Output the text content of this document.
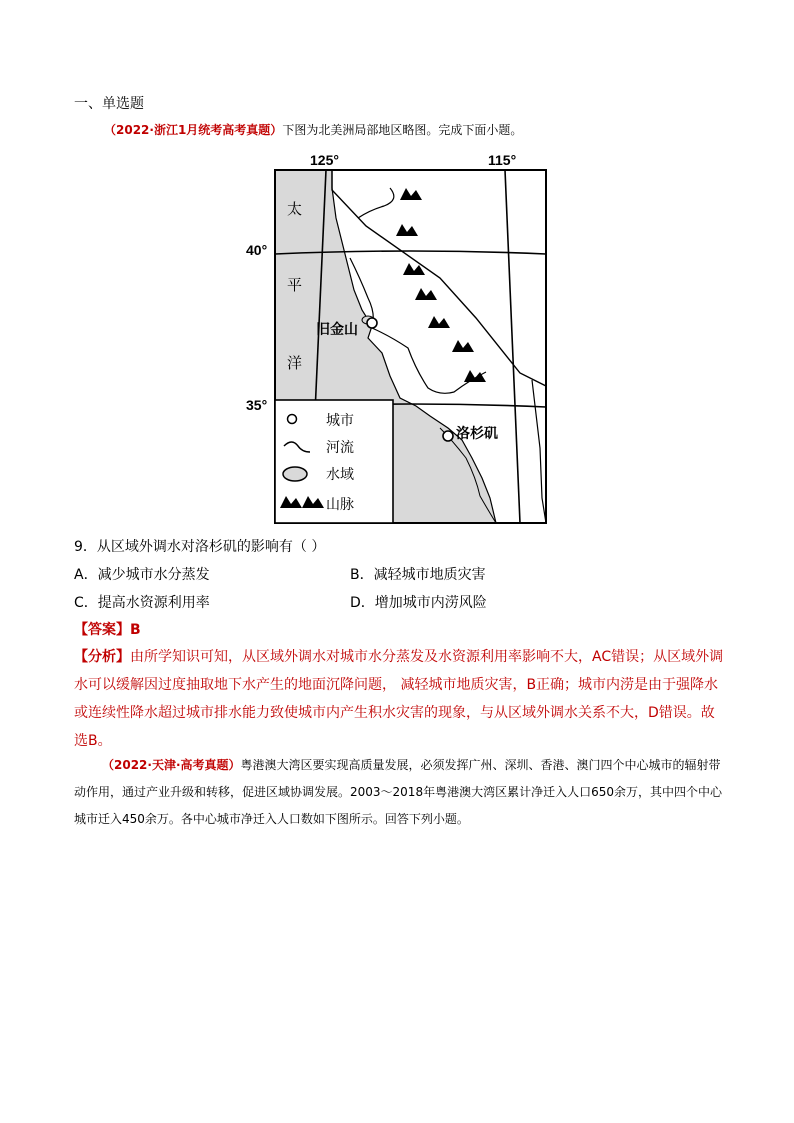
一、单选题
（2022·浙江1月统考高考真题）下图为北美洲局部地区略图。完成下面小题。
125°	115°
40°
35°
太
平
洋
旧金山
洛杉矶
城市
河流
水域
山脉
9．从区域外调水对洛杉矶的影响有（ ）
A．减少城市水分蒸发	B．减轻城市地质灾害
C．提高水资源利用率	D．增加城市内涝风险
【答案】B
【分析】由所学知识可知，从区域外调水对城市水分蒸发及水资源利用率影响不大，AC错误；从区域外调水可以缓解因过度抽取地下水产生的地面沉降问题， 减轻城市地质灾害，B正确；城市内涝是由于强降水或连续性降水超过城市排水能力致使城市内产生积水灾害的现象，与从区域外调水关系不大，D错误。故选B。
（2022·天津·高考真题）粤港澳大湾区要实现高质量发展，必须发挥广州、深圳、香港、澳门四个中心城市的辐射带动作用，通过产业升级和转移，促进区域协调发展。2003～2018年粤港澳大湾区累计净迁入人口650余万，其中四个中心城市迁入450余万。各中心城市净迁入人口数如下图所示。回答下列小题。
